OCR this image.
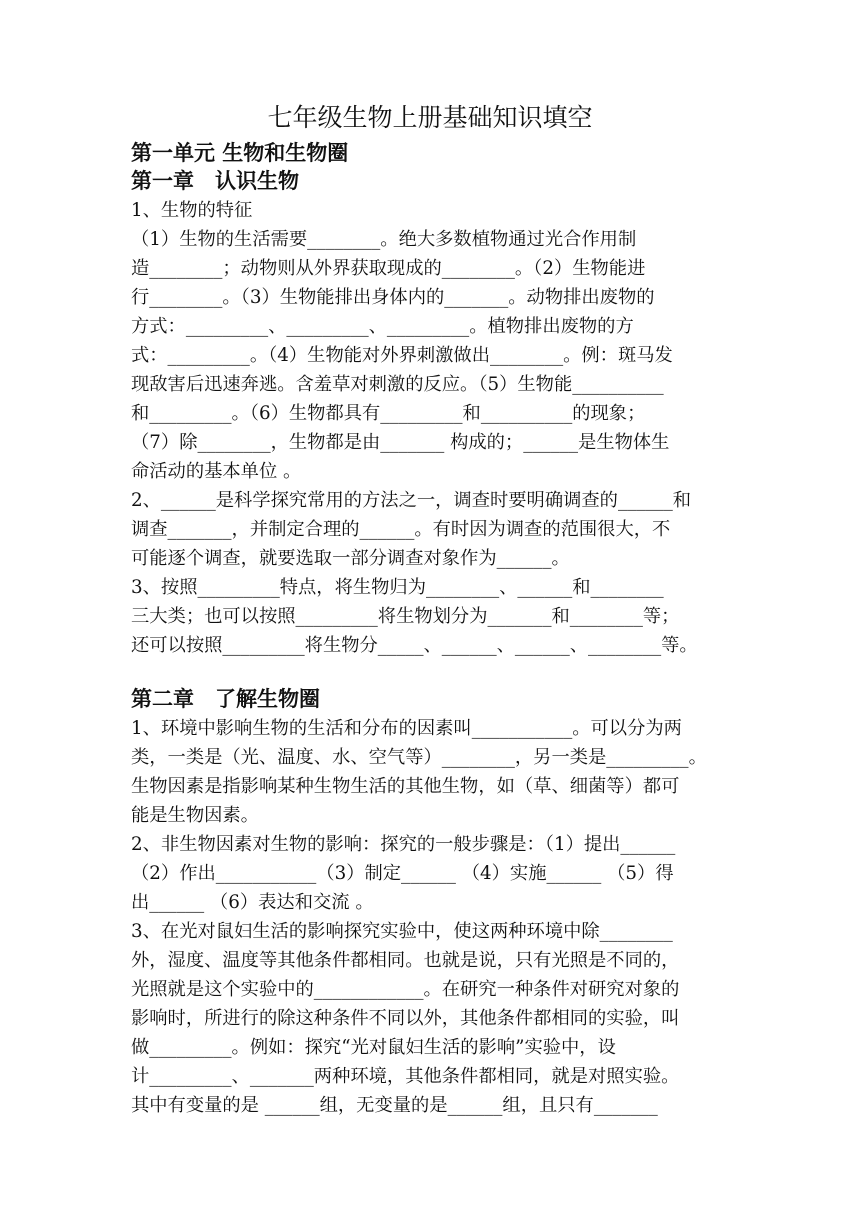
七年级生物上册基础知识填空
第一单元 生物和生物圈
第一章　认识生物
1、生物的特征
（1）生物的生活需要________。绝大多数植物通过光合作用制
造________；动物则从外界获取现成的________。（2）生物能进
行________。（3）生物能排出身体内的_______。动物排出废物的
方式：_________、_________、_________。植物排出废物的方
式：_________。（4）生物能对外界刺激做出________。例：斑马发
现敌害后迅速奔逃。含羞草对刺激的反应。（5）生物能__________
和_________。（6）生物都具有_________和__________的现象；
（7）除________，生物都是由_______ 构成的；______是生物体生
命活动的基本单位 。
2、______是科学探究常用的方法之一，调查时要明确调查的______和
调查_______，并制定合理的______。有时因为调查的范围很大，不
可能逐个调查，就要选取一部分调查对象作为______。
3、按照_________特点，将生物归为________、______和________
三大类；也可以按照_________将生物划分为_______和________等；
还可以按照_________将生物分_____、______、______、________等。
第二章　了解生物圈
1、环境中影响生物的生活和分布的因素叫___________。可以分为两
类，一类是（光、温度、水、空气等）________，另一类是_________。
生物因素是指影响某种生物生活的其他生物，如（草、细菌等）都可
能是生物因素。
2、非生物因素对生物的影响：探究的一般步骤是：（1）提出______
（2）作出___________（3）制定______ （4）实施______ （5）得
出______ （6）表达和交流 。
3、在光对鼠妇生活的影响探究实验中，使这两种环境中除________
外，湿度、温度等其他条件都相同。也就是说，只有光照是不同的，
光照就是这个实验中的____________。在研究一种条件对研究对象的
影响时，所进行的除这种条件不同以外，其他条件都相同的实验，叫
做_________。例如：探究“光对鼠妇生活的影响”实验中，设
计_________、_______两种环境，其他条件都相同，就是对照实验。
其中有变量的是 ______组，无变量的是______组，且只有_______
